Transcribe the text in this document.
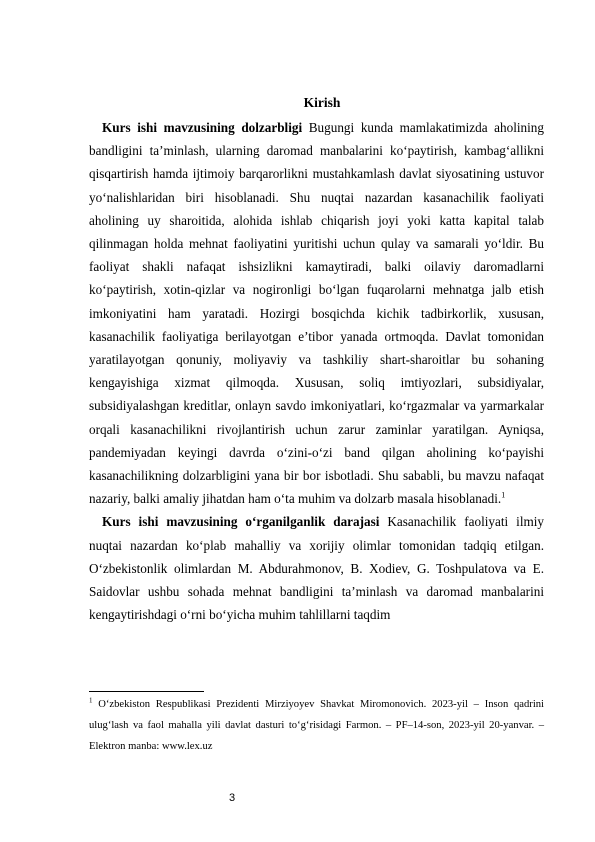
Kirish

Kurs ishi mavzusining dolzarbligi Bugungi kunda mamlakatimizda aholining bandligini ta’minlash, ularning daromad manbalarini ko‘paytirish, kambag‘allikni qisqartirish hamda ijtimoiy barqarorlikni mustahkamlash davlat siyosatining ustuvor yo‘nalishlaridan biri hisoblanadi. Shu nuqtai nazardan kasanachilik faoliyati aholining uy sharoitida, alohida ishlab chiqarish joyi yoki katta kapital talab qilinmagan holda mehnat faoliyatini yuritishi uchun qulay va samarali yo‘ldir. Bu faoliyat shakli nafaqat ishsizlikni kamaytiradi, balki oilaviy daromadlarni ko‘paytirish, xotin-qizlar va nogironligi bo‘lgan fuqarolarni mehnatga jalb etish imkoniyatini ham yaratadi. Hozirgi bosqichda kichik tadbirkorlik, xususan, kasanachilik faoliyatiga berilayotgan e’tibor yanada ortmoqda. Davlat tomonidan yaratilayotgan qonuniy, moliyaviy va tashkiliy shart-sharoitlar bu sohaning kengayishiga xizmat qilmoqda. Xususan, soliq imtiyozlari, subsidiyalar, subsidiyalashgan kreditlar, onlayn savdo imkoniyatlari, ko‘rgazmalar va yarmarkalar orqali kasanachilikni rivojlantirish uchun zarur zaminlar yaratilgan. Ayniqsa, pandemiyadan keyingi davrda o‘zini-o‘zi band qilgan aholining ko‘payishi kasanachilikning dolzarbligini yana bir bor isbotladi. Shu sababli, bu mavzu nafaqat nazariy, balki amaliy jihatdan ham o‘ta muhim va dolzarb masala hisoblanadi.$^1$

Kurs ishi mavzusining o‘rganilganlik darajasi Kasanachilik faoliyati ilmiy nuqtai nazardan ko‘plab mahalliy va xorijiy olimlar tomonidan tadqiq etilgan. O‘zbekistonlik olimlardan M. Abdurahmonov, B. Xodiev, G. Toshpulatova va E. Saidovlar ushbu sohada mehnat bandligini ta’minlash va daromad manbalarini kengaytirishdagi o‘rni bo‘yicha muhim tahlillarni taqdim

$^1$ O‘zbekiston Respublikasi Prezidenti Mirziyoyev Shavkat Miromonovich. 2023-yil – Inson qadrini ulug‘lash va faol mahalla yili davlat dasturi to‘g‘risidagi Farmon. – PF–14-son, 2023-yil 20-yanvar. – Elektron manba: www.lex.uz
3
